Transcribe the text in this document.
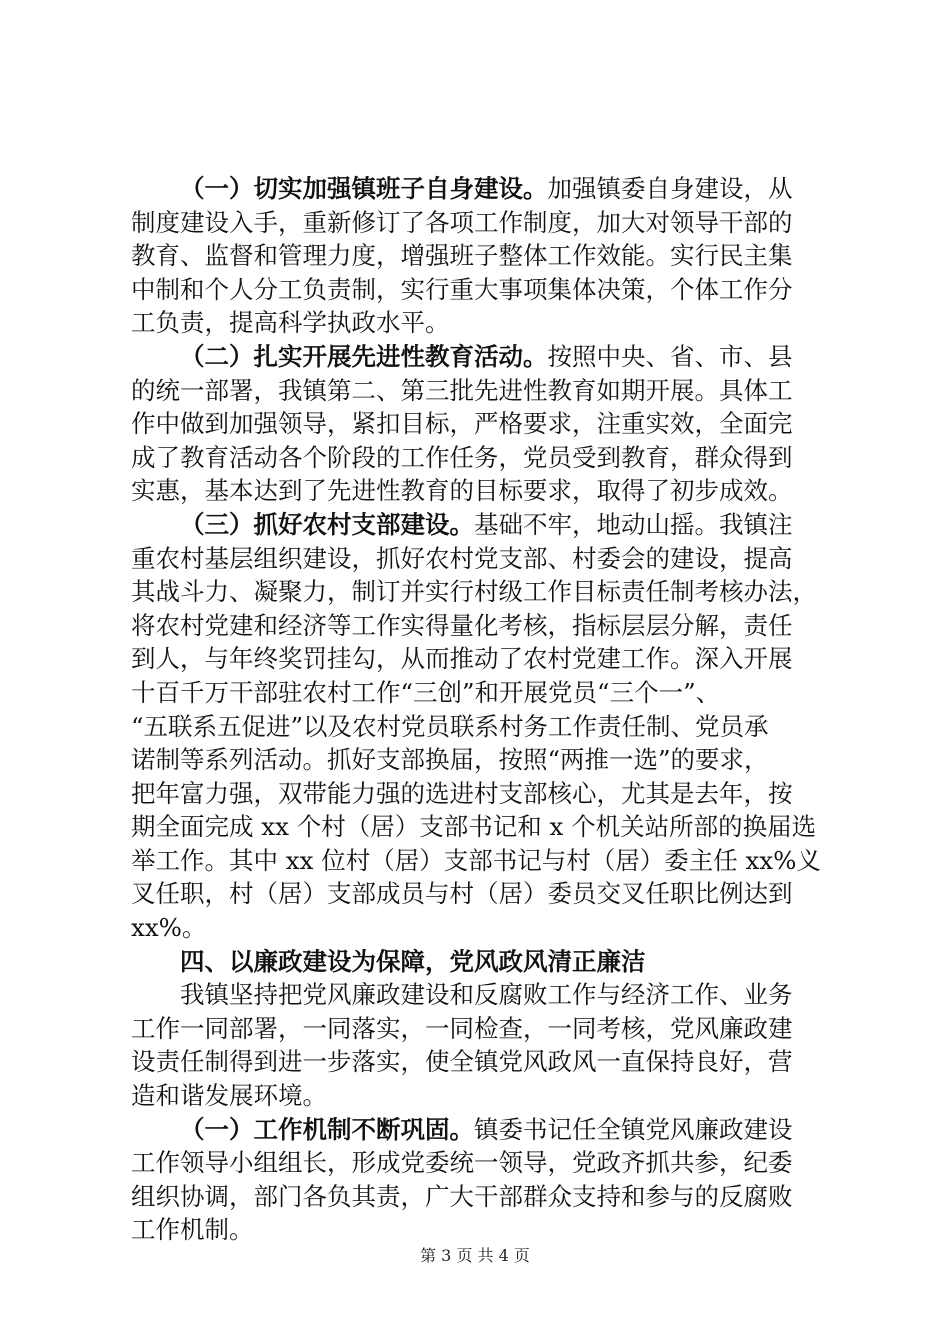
（一）切实加强镇班子自身建设。加强镇委自身建设，从
制度建设入手，重新修订了各项工作制度，加大对领导干部的
教育、监督和管理力度，增强班子整体工作效能。实行民主集
中制和个人分工负责制，实行重大事项集体决策，个体工作分
工负责，提高科学执政水平。
（二）扎实开展先进性教育活动。按照中央、省、市、县
的统一部署，我镇第二、第三批先进性教育如期开展。具体工
作中做到加强领导，紧扣目标，严格要求，注重实效，全面完
成了教育活动各个阶段的工作任务，党员受到教育，群众得到
实惠，基本达到了先进性教育的目标要求，取得了初步成效。
（三）抓好农村支部建设。基础不牢，地动山摇。我镇注
重农村基层组织建设，抓好农村党支部、村委会的建设，提高
其战斗力、凝聚力，制订并实行村级工作目标责任制考核办法，
将农村党建和经济等工作实得量化考核，指标层层分解，责任
到人，与年终奖罚挂勾，从而推动了农村党建工作。深入开展
十百千万干部驻农村工作“三创”和开展党员“三个一”、
“五联系五促进”以及农村党员联系村务工作责任制、党员承
诺制等系列活动。抓好支部换届，按照“两推一选”的要求，
把年富力强，双带能力强的选进村支部核心，尤其是去年，按
期全面完成 xx 个村（居）支部书记和 x 个机关站所部的换届选
举工作。其中 xx 位村（居）支部书记与村（居）委主任 xx%义
叉任职，村（居）支部成员与村（居）委员交叉任职比例达到
xx%。
四、以廉政建设为保障，党风政风清正廉洁
我镇坚持把党风廉政建设和反腐败工作与经济工作、业务
工作一同部署，一同落实，一同检查，一同考核，党风廉政建
设责任制得到进一步落实，使全镇党风政风一直保持良好，营
造和谐发展环境。
（一）工作机制不断巩固。镇委书记任全镇党风廉政建设
工作领导小组组长，形成党委统一领导，党政齐抓共参，纪委
组织协调，部门各负其责，广大干部群众支持和参与的反腐败
工作机制。
第 3 页 共 4 页
